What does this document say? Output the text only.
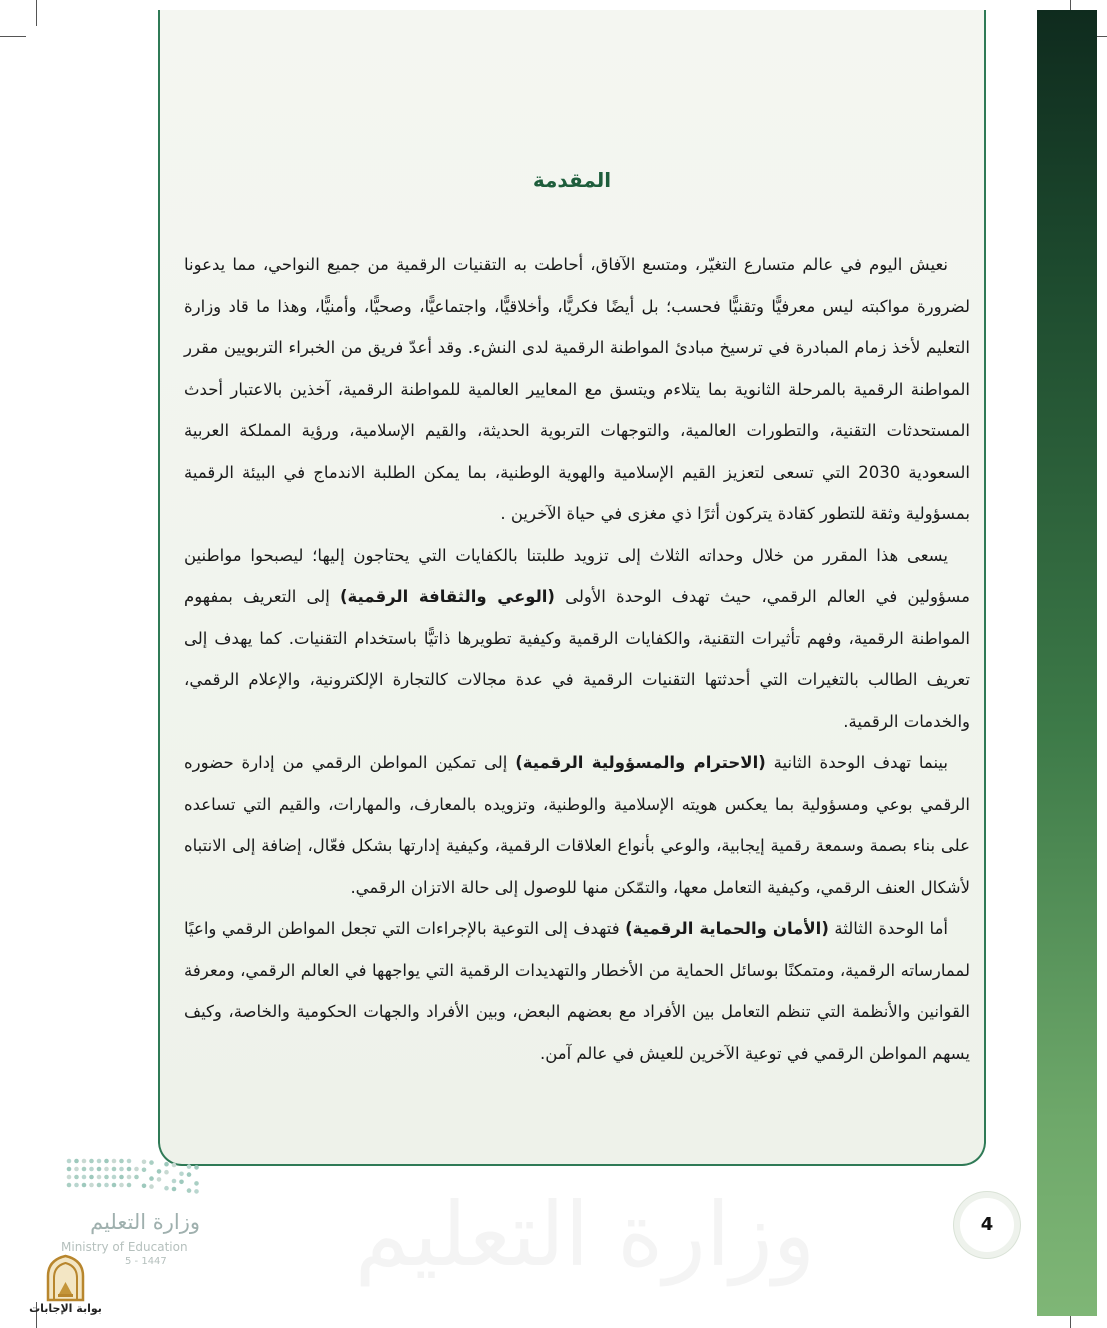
وزارة التعليم
المقدمة

نعيش اليوم في عالم متسارع التغيّر، ومتسع الآفاق، أحاطت به التقنيات الرقمية من جميع النواحي، مما يدعونا لضرورة مواكبته ليس معرفيًّا وتقنيًّا فحسب؛ بل أيضًا فكريًّا، وأخلاقيًّا، واجتماعيًّا، وصحيًّا، وأمنيًّا، وهذا ما قاد وزارة التعليم لأخذ زمام المبادرة في ترسيخ مبادئ المواطنة الرقمية لدى النشء. وقد أعدّ فريق من الخبراء التربويين مقرر المواطنة الرقمية بالمرحلة الثانوية بما يتلاءم ويتسق مع المعايير العالمية للمواطنة الرقمية، آخذين بالاعتبار أحدث المستحدثات التقنية، والتطورات العالمية، والتوجهات التربوية الحديثة، والقيم الإسلامية، ورؤية المملكة العربية السعودية 2030 التي تسعى لتعزيز القيم الإسلامية والهوية الوطنية، بما يمكن الطلبة الاندماج في البيئة الرقمية بمسؤولية وثقة للتطور كقادة يتركون أثرًا ذي مغزى في حياة الآخرين .

يسعى هذا المقرر من خلال وحداته الثلاث إلى تزويد طلبتنا بالكفايات التي يحتاجون إليها؛ ليصبحوا مواطنين مسؤولين في العالم الرقمي، حيث تهدف الوحدة الأولى (الوعي والثقافة الرقمية) إلى التعريف بمفهوم المواطنة الرقمية، وفهم تأثيرات التقنية، والكفايات الرقمية وكيفية تطويرها ذاتيًّا باستخدام التقنيات. كما يهدف إلى تعريف الطالب بالتغيرات التي أحدثتها التقنيات الرقمية في عدة مجالات كالتجارة الإلكترونية، والإعلام الرقمي، والخدمات الرقمية.

بينما تهدف الوحدة الثانية (الاحترام والمسؤولية الرقمية) إلى تمكين المواطن الرقمي من إدارة حضوره الرقمي بوعي ومسؤولية بما يعكس هويته الإسلامية والوطنية، وتزويده بالمعارف، والمهارات، والقيم التي تساعده على بناء بصمة وسمعة رقمية إيجابية، والوعي بأنواع العلاقات الرقمية، وكيفية إدارتها بشكل فعّال، إضافة إلى الانتباه لأشكال العنف الرقمي، وكيفية التعامل معها، والتمّكن منها للوصول إلى حالة الاتزان الرقمي.

أما الوحدة الثالثة (الأمان والحماية الرقمية) فتهدف إلى التوعية بالإجراءات التي تجعل المواطن الرقمي واعيًا لممارساته الرقمية، ومتمكنًا بوسائل الحماية من الأخطار والتهديدات الرقمية التي يواجهها في العالم الرقمي، ومعرفة القوانين والأنظمة التي تنظم التعامل بين الأفراد مع بعضهم البعض، وبين الأفراد والجهات الحكومية والخاصة، وكيف يسهم المواطن الرقمي في توعية الآخرين للعيش في عالم آمن.

4
وزارة التعليم
Ministry of Education
5 - 1447
بوابة الإجابات
